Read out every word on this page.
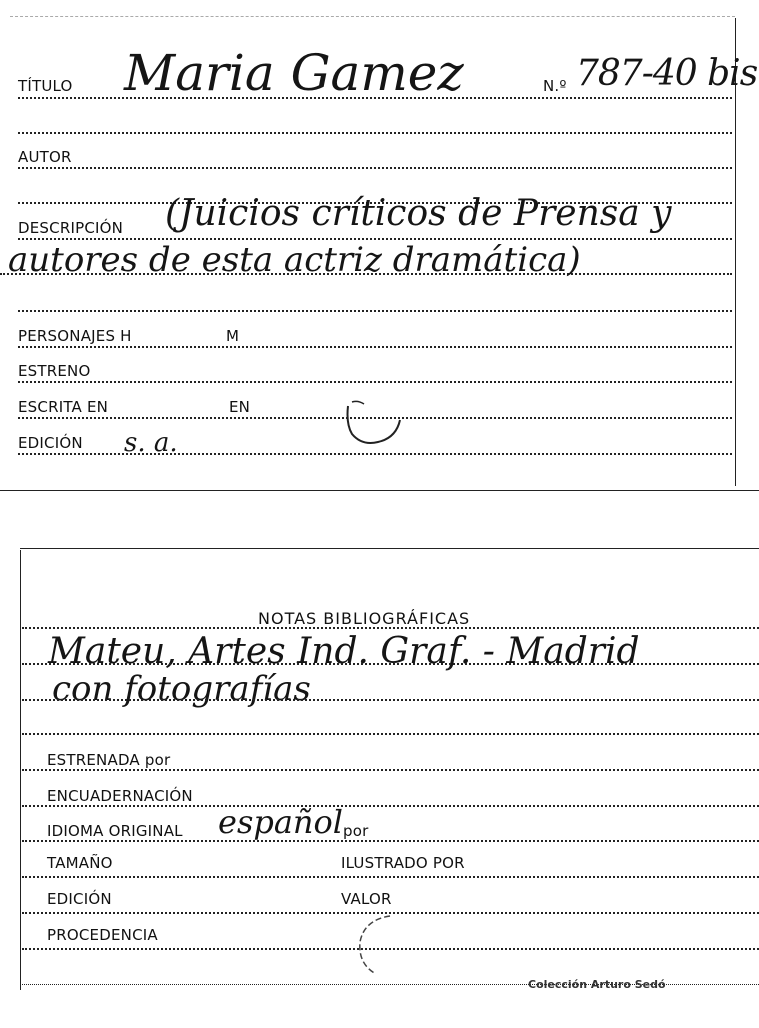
TÍTULO Maria Gamez	N.º 787-40 bis
AUTOR
DESCRIPCIÓN (Juicios críticos de Prensa y
autores de esta actriz dramática)
PERSONAJES H	M
ESTRENO
ESCRITA EN	EN
EDICIÓN s. a.
NOTAS BIBLIOGRÁFICAS
Mateu, Artes Ind. Graf. - Madrid
con fotografías
ESTRENADA por
ENCUADERNACIÓN
IDIOMA ORIGINAL español por
TAMAÑO	ILUSTRADO POR
EDICIÓN	VALOR
PROCEDENCIA
Colección Arturo Sedó
